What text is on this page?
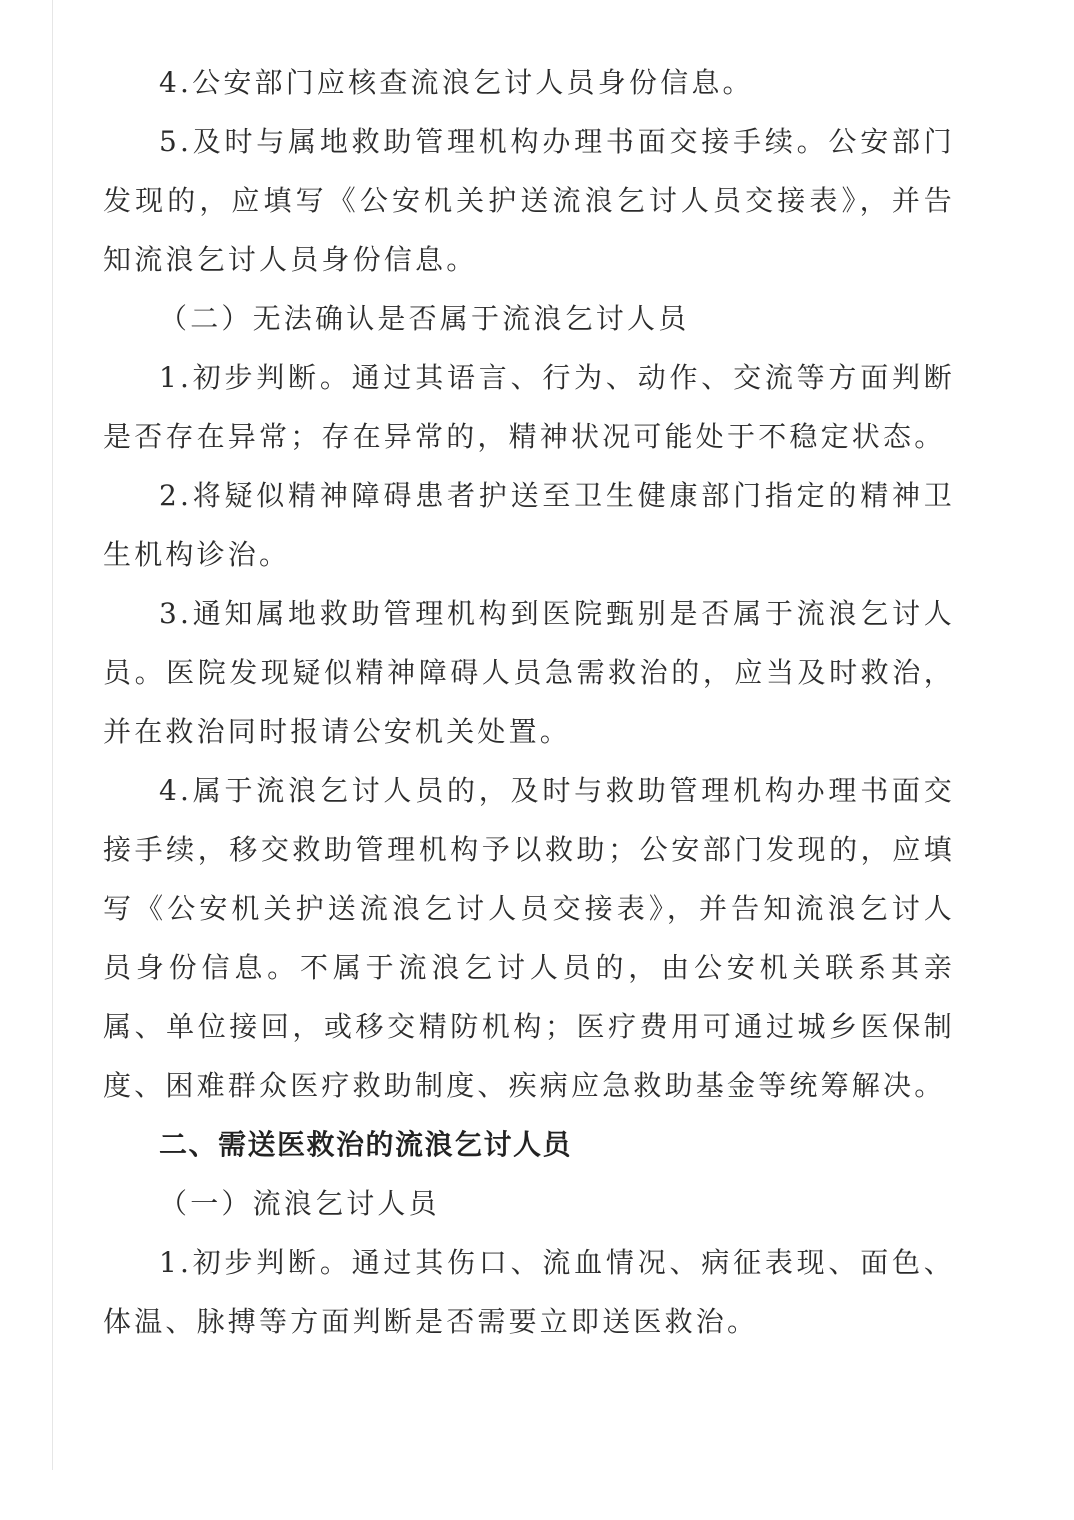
4.公安部门应核查流浪乞讨人员身份信息。

5.及时与属地救助管理机构办理书面交接手续。公安部门发现的，应填写《公安机关护送流浪乞讨人员交接表》，并告知流浪乞讨人员身份信息。

（二）无法确认是否属于流浪乞讨人员

1.初步判断。通过其语言、行为、动作、交流等方面判断是否存在异常；存在异常的，精神状况可能处于不稳定状态。

2.将疑似精神障碍患者护送至卫生健康部门指定的精神卫生机构诊治。

3.通知属地救助管理机构到医院甄别是否属于流浪乞讨人员。医院发现疑似精神障碍人员急需救治的，应当及时救治，并在救治同时报请公安机关处置。

4.属于流浪乞讨人员的，及时与救助管理机构办理书面交接手续，移交救助管理机构予以救助；公安部门发现的，应填写《公安机关护送流浪乞讨人员交接表》，并告知流浪乞讨人员身份信息。不属于流浪乞讨人员的，由公安机关联系其亲属、单位接回，或移交精防机构；医疗费用可通过城乡医保制度、困难群众医疗救助制度、疾病应急救助基金等统筹解决。

二、需送医救治的流浪乞讨人员

（一）流浪乞讨人员

1.初步判断。通过其伤口、流血情况、病征表现、面色、体温、脉搏等方面判断是否需要立即送医救治。
